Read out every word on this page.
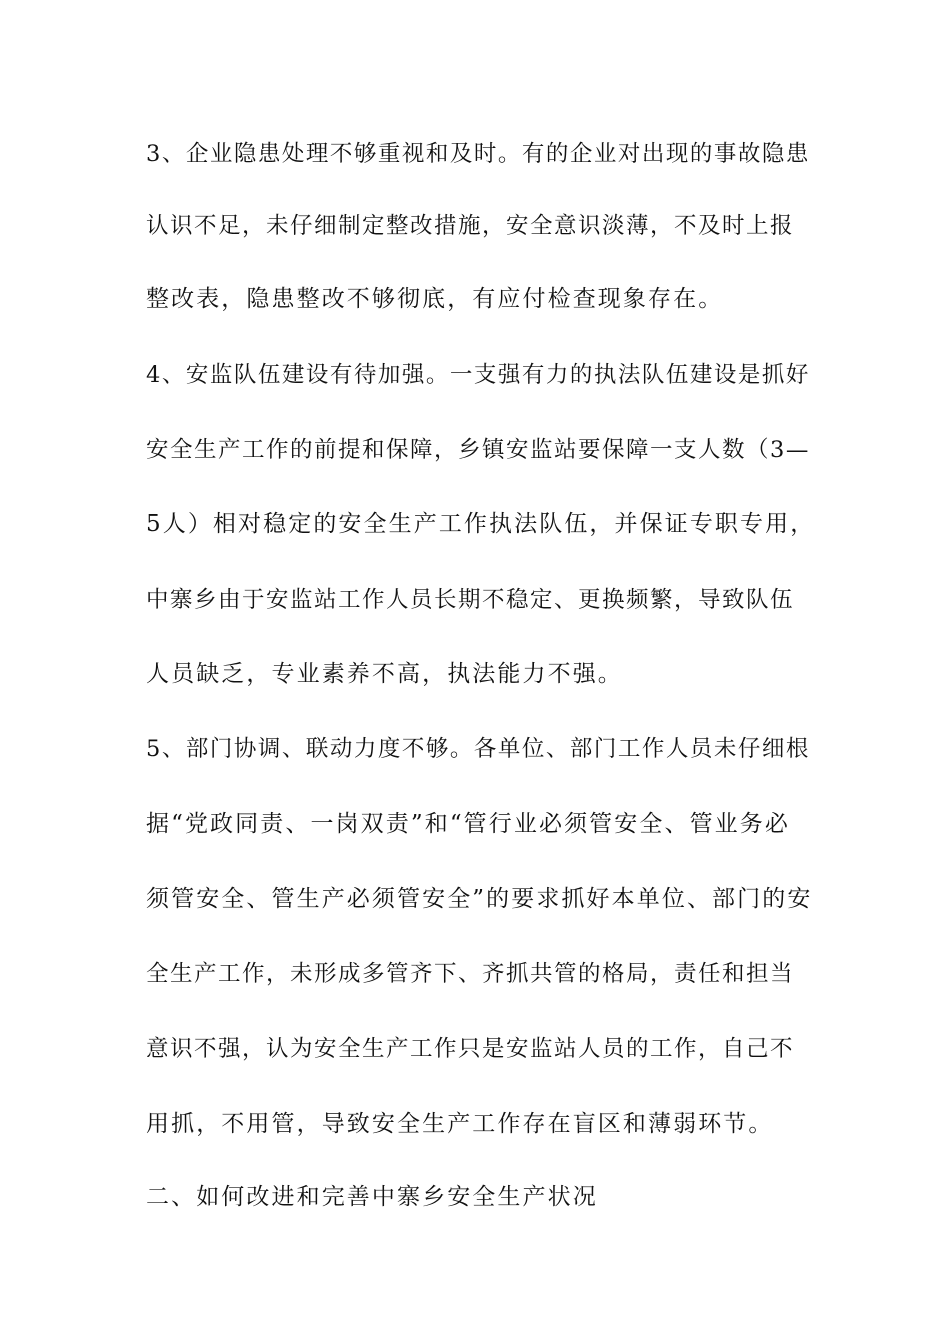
3、企业隐患处理不够重视和及时。有的企业对出现的事故隐患
认识不足，未仔细制定整改措施，安全意识淡薄，不及时上报
整改表，隐患整改不够彻底，有应付检查现象存在。
4、安监队伍建设有待加强。一支强有力的执法队伍建设是抓好
安全生产工作的前提和保障，乡镇安监站要保障一支人数（3—
5人）相对稳定的安全生产工作执法队伍，并保证专职专用，
中寨乡由于安监站工作人员长期不稳定、更换频繁，导致队伍
人员缺乏，专业素养不高，执法能力不强。
5、部门协调、联动力度不够。各单位、部门工作人员未仔细根
据“党政同责、一岗双责”和“管行业必须管安全、管业务必
须管安全、管生产必须管安全”的要求抓好本单位、部门的安
全生产工作，未形成多管齐下、齐抓共管的格局，责任和担当
意识不强，认为安全生产工作只是安监站人员的工作，自己不
用抓，不用管，导致安全生产工作存在盲区和薄弱环节。
二、如何改进和完善中寨乡安全生产状况
